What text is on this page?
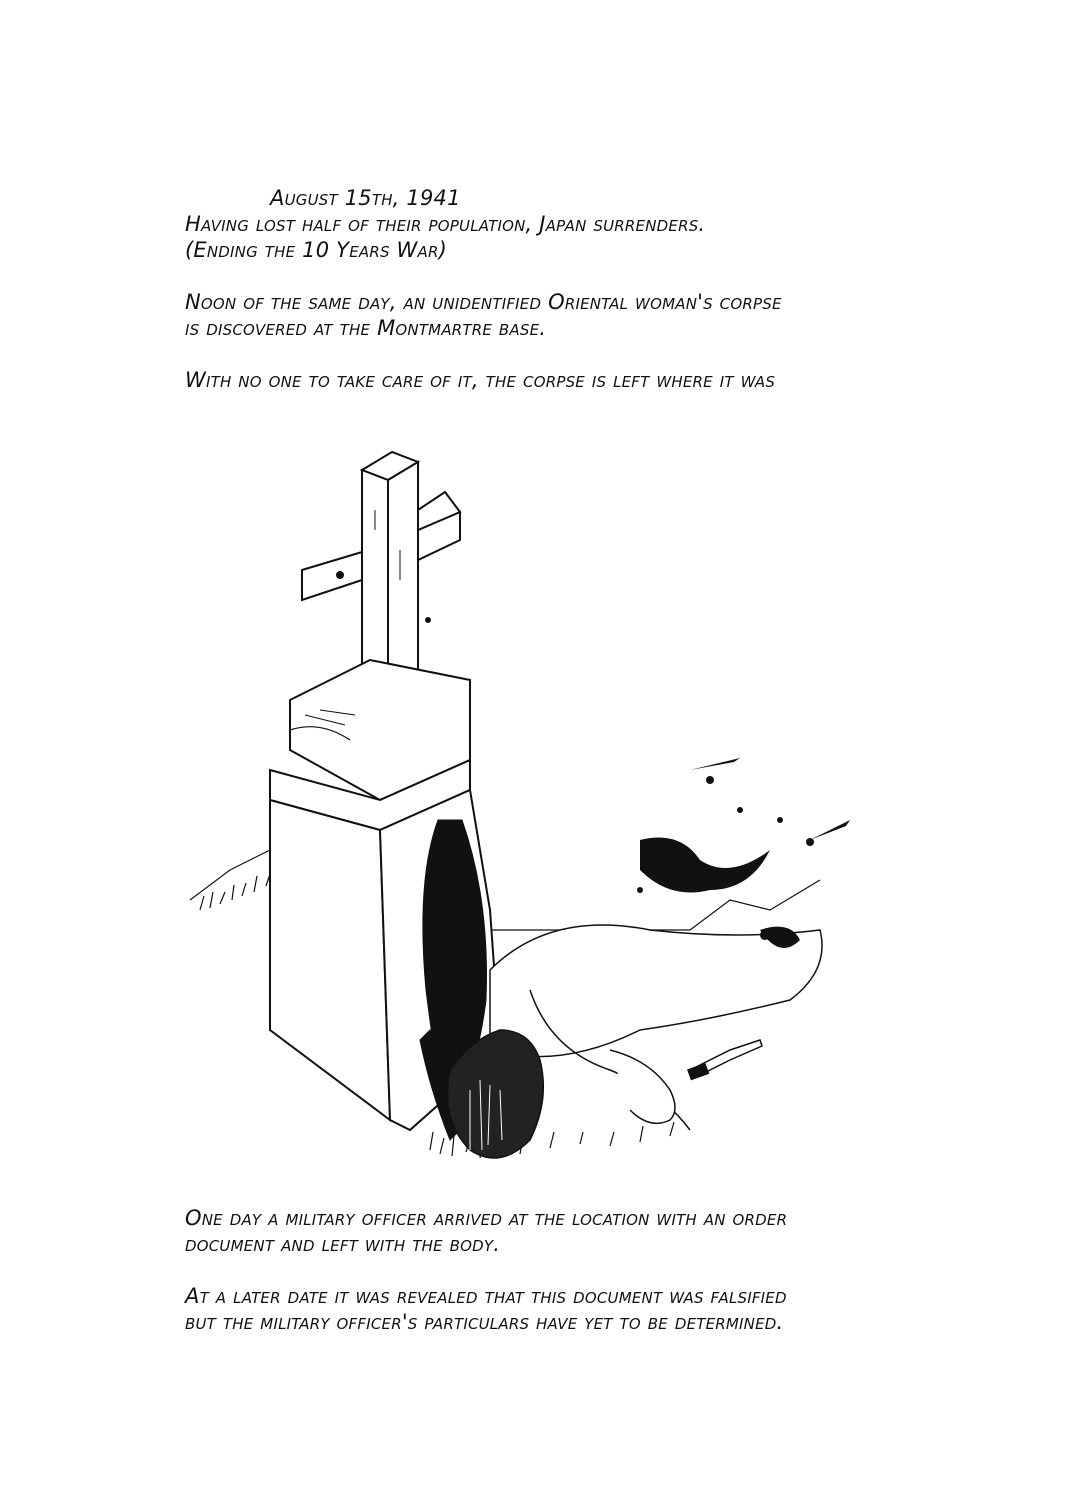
August 15th, 1941
Having lost half of their population, Japan surrenders.
(Ending the 10 Years War)
Noon of the same day, an unidentified Oriental woman's corpse
is discovered at the Montmartre base.
With no one to take care of it, the corpse is left where it was
One day a military officer arrived at the location with an order
document and left with the body.
At a later date it was revealed that this document was falsified
but the military officer's particulars have yet to be determined.
